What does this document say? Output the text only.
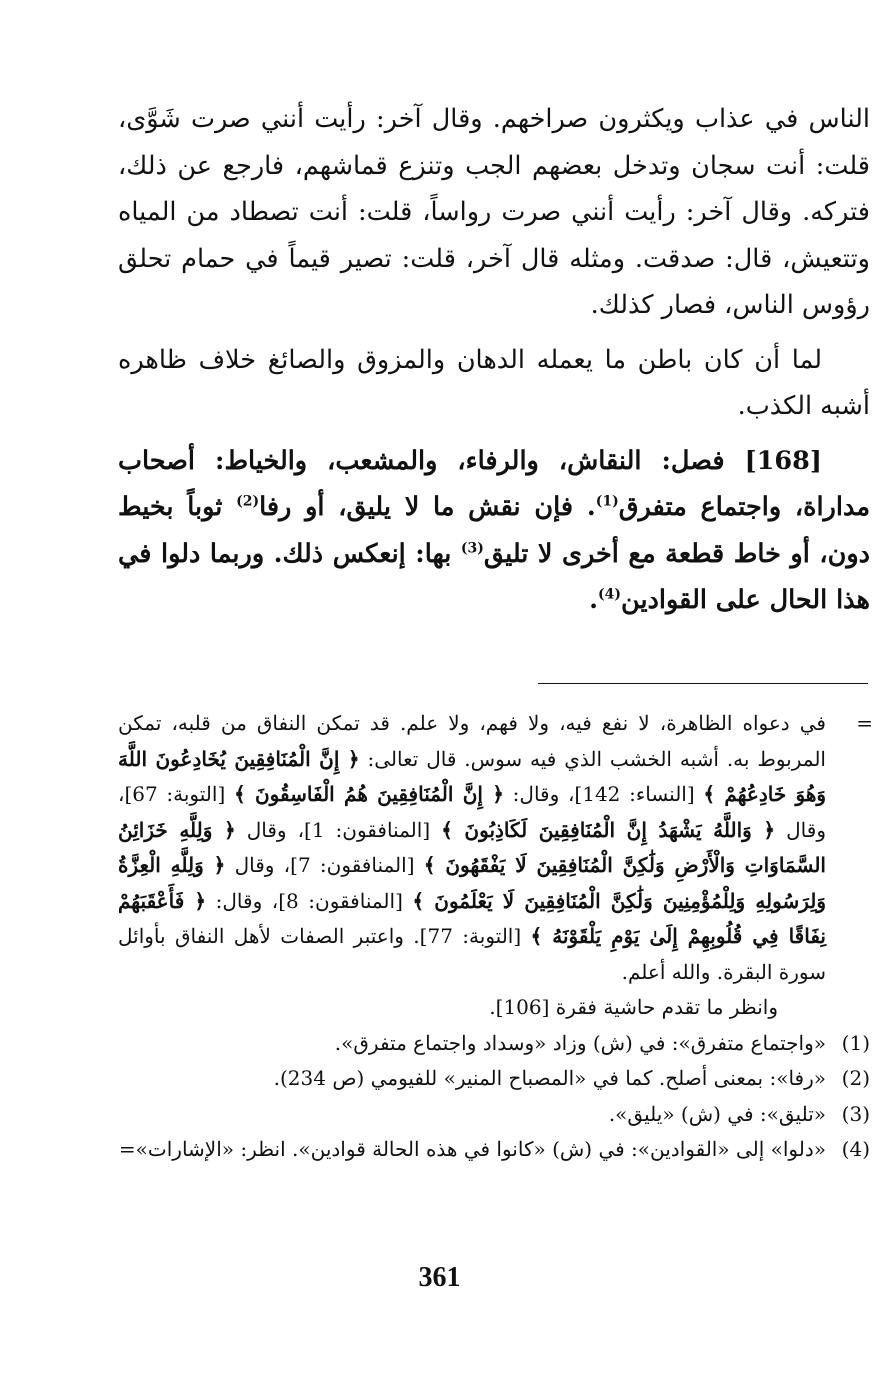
الناس في عذاب ويكثرون صراخهم. وقال آخر: رأيت أنني صرت شَوَّى، قلت: أنت سجان وتدخل بعضهم الجب وتنزع قماشهم، فارجع عن ذلك، فتركه. وقال آخر: رأيت أنني صرت رواساً، قلت: أنت تصطاد من المياه وتتعيش، قال: صدقت. ومثله قال آخر، قلت: تصير قيماً في حمام تحلق رؤوس الناس، فصار كذلك.

لما أن كان باطن ما يعمله الدهان والمزوق والصائغ خلاف ظاهره أشبه الكذب.

[168] فصل: النقاش، والرفاء، والمشعب، والخياط: أصحاب مداراة، واجتماع متفرق$^{(1)}$. فإن نقش ما لا يليق، أو رفا$^{(2)}$ ثوباً بخيط دون، أو خاط قطعة مع أخرى لا تليق$^{(3)}$ بها: إنعكس ذلك. وربما دلوا في هذا الحال على القوادين$^{(4)}$.

=

في دعواه الظاهرة، لا نفع فيه، ولا فهم، ولا علم. قد تمكن النفاق من قلبه، تمكن المربوط به. أشبه الخشب الذي فيه سوس. قال تعالى: ﴿ إِنَّ الْمُنَافِقِينَ يُخَادِعُونَ اللَّهَ وَهُوَ خَادِعُهُمْ ﴾ [النساء: 142]، وقال: ﴿ إِنَّ الْمُنَافِقِينَ هُمُ الْفَاسِقُونَ ﴾ [التوبة: 67]، وقال ﴿ وَاللَّهُ يَشْهَدُ إِنَّ الْمُنَافِقِينَ لَكَاذِبُونَ ﴾ [المنافقون: 1]، وقال ﴿ وَلِلَّهِ خَزَائِنُ السَّمَاوَاتِ وَالْأَرْضِ وَلَٰكِنَّ الْمُنَافِقِينَ لَا يَفْقَهُونَ ﴾ [المنافقون: 7]، وقال ﴿ وَلِلَّهِ الْعِزَّةُ وَلِرَسُولِهِ وَلِلْمُؤْمِنِينَ وَلَٰكِنَّ الْمُنَافِقِينَ لَا يَعْلَمُونَ ﴾ [المنافقون: 8]، وقال: ﴿ فَأَعْقَبَهُمْ نِفَاقًا فِي قُلُوبِهِمْ إِلَىٰ يَوْمِ يَلْقَوْنَهُ ﴾ [التوبة: 77]. واعتبر الصفات لأهل النفاق بأوائل سورة البقرة. والله أعلم.

وانظر ما تقدم حاشية فقرة [106].

(1)
«واجتماع متفرق»: في (ش) وزاد «وسداد واجتماع متفرق».
(2)
«رفا»: بمعنى أصلح. كما في «المصباح المنير» للفيومي (ص 234).
(3)
«تليق»: في (ش) «يليق».
(4)
«دلوا» إلى «القوادين»: في (ش) «كانوا في هذه الحالة قوادين». انظر: «الإشارات»=
361
